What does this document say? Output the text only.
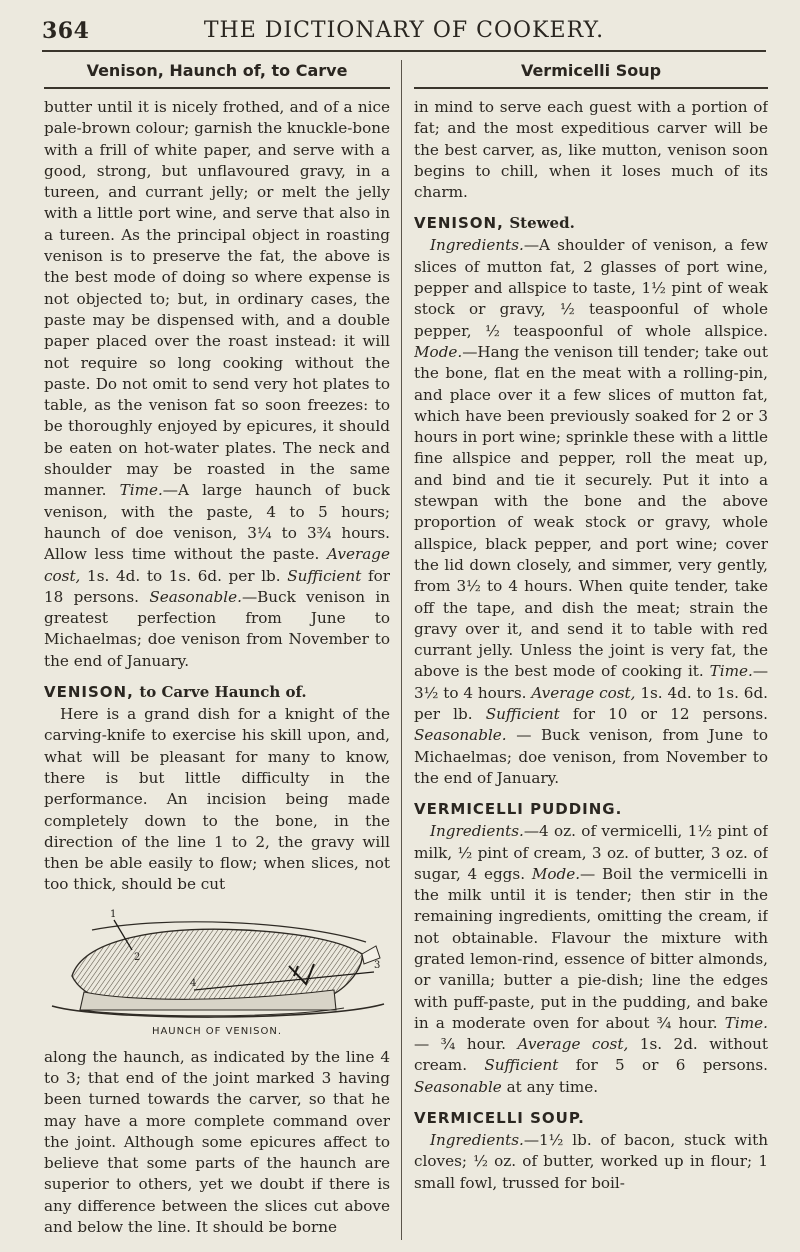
364	THE DICTIONARY OF COOKERY.
Venison, Haunch of, to Carve

butter until it is nicely frothed, and of a nice pale-brown colour; garnish the knuckle-bone with a frill of white paper, and serve with a good, strong, but unflavoured gravy, in a tureen, and currant jelly; or melt the jelly with a little port wine, and serve that also in a tureen. As the principal object in roasting venison is to preserve the fat, the above is the best mode of doing so where expense is not objected to; but, in ordinary cases, the paste may be dispensed with, and a double paper placed over the roast instead: it will not require so long cooking without the paste. Do not omit to send very hot plates to table, as the venison fat so soon freezes: to be thoroughly enjoyed by epicures, it should be eaten on hot-water plates. The neck and shoulder may be roasted in the same manner. Time.—A large haunch of buck venison, with the paste, 4 to 5 hours; haunch of doe venison, 3¼ to 3¾ hours. Allow less time without the paste. Average cost, 1s. 4d. to 1s. 6d. per lb. Sufficient for 18 persons. Seasonable.—Buck venison in greatest perfection from June to Michaelmas; doe venison from November to the end of January.

VENISON, to Carve Haunch of.

Here is a grand dish for a knight of the carving-knife to exercise his skill upon, and, what will be pleasant for many to know, there is but little difficulty in the performance. An incision being made completely down to the bone, in the direction of the line 1 to 2, the gravy will then be able easily to flow; when slices, not too thick, should be cut

1
4
3
2
HAUNCH OF VENISON.

along the haunch, as indicated by the line 4 to 3; that end of the joint marked 3 having been turned towards the carver, so that he may have a more complete command over the joint. Although some epicures affect to believe that some parts of the haunch are superior to others, yet we doubt if there is any difference between the slices cut above and below the line. It should be borne

Vermicelli Soup

in mind to serve each guest with a portion of fat; and the most expeditious carver will be the best carver, as, like mutton, venison soon begins to chill, when it loses much of its charm.

VENISON, Stewed.

Ingredients.—A shoulder of venison, a few slices of mutton fat, 2 glasses of port wine, pepper and allspice to taste, 1½ pint of weak stock or gravy, ½ teaspoonful of whole pepper, ½ teaspoonful of whole allspice. Mode.—Hang the venison till tender; take out the bone, flat en the meat with a rolling-pin, and place over it a few slices of mutton fat, which have been previously soaked for 2 or 3 hours in port wine; sprinkle these with a little fine allspice and pepper, roll the meat up, and bind and tie it securely. Put it into a stewpan with the bone and the above proportion of weak stock or gravy, whole allspice, black pepper, and port wine; cover the lid down closely, and simmer, very gently, from 3½ to 4 hours. When quite tender, take off the tape, and dish the meat; strain the gravy over it, and send it to table with red currant jelly. Unless the joint is very fat, the above is the best mode of cooking it. Time.— 3½ to 4 hours. Average cost, 1s. 4d. to 1s. 6d. per lb. Sufficient for 10 or 12 persons. Seasonable. — Buck venison, from June to Michaelmas; doe venison, from November to the end of January.

VERMICELLI PUDDING.

Ingredients.—4 oz. of vermicelli, 1½ pint of milk, ½ pint of cream, 3 oz. of butter, 3 oz. of sugar, 4 eggs. Mode.— Boil the vermicelli in the milk until it is tender; then stir in the remaining ingredients, omitting the cream, if not obtainable. Flavour the mixture with grated lemon-rind, essence of bitter almonds, or vanilla; butter a pie-dish; line the edges with puff-paste, put in the pudding, and bake in a moderate oven for about ¾ hour. Time. — ¾ hour. Average cost, 1s. 2d. without cream. Sufficient for 5 or 6 persons. Seasonable at any time.

VERMICELLI SOUP.

Ingredients.—1½ lb. of bacon, stuck with cloves; ½ oz. of butter, worked up in flour; 1 small fowl, trussed for boil-
